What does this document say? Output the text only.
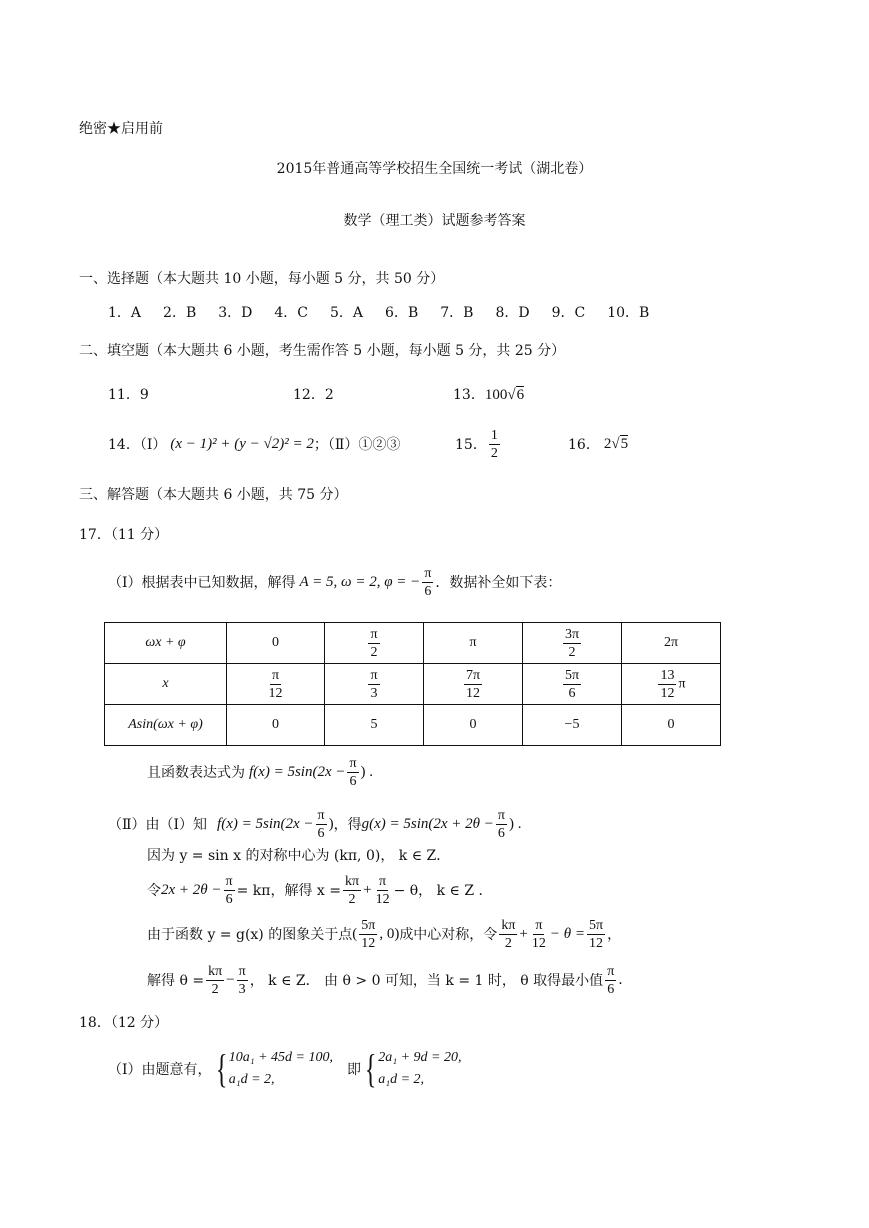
绝密★启用前
2015年普通高等学校招生全国统一考试（湖北卷）
数学（理工类）试题参考答案
一、选择题（本大题共 10 小题，每小题 5 分，共 50 分）
1．A 2．B 3．D 4．C 5．A 6．B 7．B 8．D 9．C 10．B
二、填空题（本大题共 6 小题，考生需作答 5 小题，每小题 5 分，共 25 分）
11．9	12．2	13．100√6
14．（Ⅰ） (x − 1)² + (y − √2)² = 2 ；（Ⅱ）①②③	15． $\frac{1}{2}$	16． 2 √ 5
三、解答题（本大题共 6 小题，共 75 分）
17．（11 分）
（Ⅰ）根据表中已知数据，解得 A = 5, ω = 2, φ = − $\frac{\pi}{6}$ ．数据补全如下表：
ωx + φ	0	$\frac{\pi}{2}$	π	$\frac{3\pi}{2}$	2π
x	$\frac{\pi}{12}$	$\frac{\pi}{3}$	$\frac{7\pi}{12}$	$\frac{5\pi}{6}$	$\frac{13}{12}$ π
Asin(ωx + φ)	0	5	0	−5	0
且函数表达式为 $f(x) = 5\sin(2x - \frac{\pi}{6}$ ) .
（Ⅱ）由（Ⅰ）知 $f(x) = 5\sin(2x - \frac{\pi}{6}$ ) ，得 $g(x) = 5\sin(2x + 2\theta - \frac{\pi}{6}$ ) .
因为 y = sin x 的对称中心为 (kπ, 0)， k ∈ Z．
令 $2x + 2\theta - \frac{\pi}{6} = k\pi$，解得 $x = \frac{k\pi}{2} + \frac{\pi}{12} - \theta$， k ∈ Z ．
由于函数 y = g(x) 的图象关于点 ( $\frac{5\pi}{12}$ , 0) 成中心对称，令 $\frac{k\pi}{2} + \frac{\pi}{12} - \theta = \frac{5\pi}{12}$ ，
解得 $\theta = \frac{k\pi}{2} - \frac{\pi}{3}$ ， k ∈ Z． 由 θ > 0 可知，当 k = 1 时， θ 取得最小值 $\frac{\pi}{6}$ .
18．（12 分）
（Ⅰ）由题意有， { 10a₁ + 45d = 100,
a₁d = 2,
即 { 2a₁ + 9d = 20,
a₁d = 2,
